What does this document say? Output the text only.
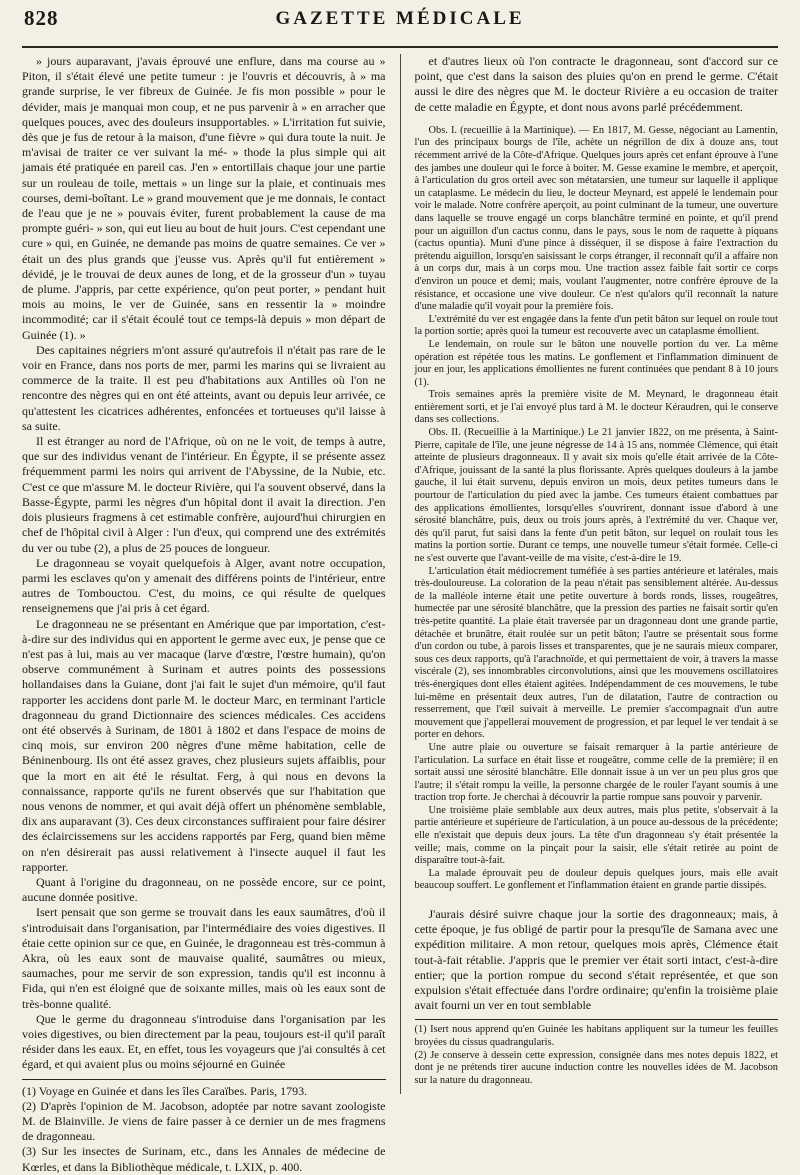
828	GAZETTE MÉDICALE

» jours auparavant, j'avais éprouvé une enflure, dans ma course au » Piton, il s'était élevé une petite tumeur : je l'ouvris et découvris, à » ma grande surprise, le ver fibreux de Guinée. Je fis mon possible » pour le dévider, mais je manquai mon coup, et ne pus parvenir à » en arracher que quelques pouces, avec des douleurs insupportables. » L'irritation fut suivie, dès que je fus de retour à la maison, d'une fièvre » qui dura toute la nuit. Je m'avisai de traiter ce ver suivant la mé- » thode la plus simple qui ait jamais été pratiquée en pareil cas. J'en » entortillais chaque jour une partie sur un rouleau de toile, mettais » un linge sur la plaie, et continuais mes courses, demi-boîtant. Le » grand mouvement que je me donnais, le contact de l'eau que je ne » pouvais éviter, furent probablement la cause de ma prompte guéri- » son, qui eut lieu au bout de huit jours. C'est cependant une cure » qui, en Guinée, ne demande pas moins de quatre semaines. Ce ver » était un des plus grands que j'eusse vus. Après qu'il fut entièrement » dévidé, je le trouvai de deux aunes de long, et de la grosseur d'un » tuyau de plume. J'appris, par cette expérience, qu'on peut porter, » pendant huit mois au moins, le ver de Guinée, sans en ressentir la » moindre incommodité; car il s'était écoulé tout ce temps-là depuis » mon départ de Guinée (1). »

Des capitaines négriers m'ont assuré qu'autrefois il n'était pas rare de le voir en France, dans nos ports de mer, parmi les marins qui se livraient au commerce de la traite. Il est peu d'habitations aux Antilles où l'on ne rencontre des nègres qui en ont été atteints, avant ou depuis leur arrivée, ce qu'attestent les cicatrices adhérentes, enfoncées et tortueuses qu'il laisse à sa suite.

Il est étranger au nord de l'Afrique, où on ne le voit, de temps à autre, que sur des individus venant de l'intérieur. En Égypte, il se présente assez fréquemment parmi les noirs qui arrivent de l'Abyssine, de la Nubie, etc. C'est ce que m'assure M. le docteur Rivière, qui l'a souvent observé, dans la Basse-Égypte, parmi les nègres d'un hôpital dont il avait la direction. J'en dois plusieurs fragmens à cet estimable confrère, aujourd'hui chirurgien en chef de l'hôpital civil à Alger : l'un d'eux, qui comprend une des extrémités du ver ou tube (2), a plus de 25 pouces de longueur.

Le dragonneau se voyait quelquefois à Alger, avant notre occupation, parmi les esclaves qu'on y amenait des différens points de l'intérieur, entre autres de Tombouctou. C'est, du moins, ce qui résulte de quelques renseignemens que j'ai pris à cet égard.

Le dragonneau ne se présentant en Amérique que par importation, c'est-à-dire sur des individus qui en apportent le germe avec eux, je pense que ce n'est pas à lui, mais au ver macaque (larve d'œstre, l'œstre humain), qu'on observe communément à Surinam et autres points des possessions hollandaises dans la Guiane, dont j'ai fait le sujet d'un mémoire, qu'il faut rapporter les accidens dont parle M. le docteur Marc, en terminant l'article dragonneau du grand Dictionnaire des sciences médicales. Ces accidens ont été observés à Surinam, de 1801 à 1802 et dans l'espace de moins de cinq mois, sur environ 200 nègres d'une même habitation, celle de Béninenbourg. Ils ont été assez graves, chez plusieurs sujets affaiblis, pour que la mort en ait été le résultat. Ferg, à qui nous en devons la connaissance, rapporte qu'ils ne furent observés que sur l'habitation que nous venons de nommer, et qui avait déjà offert un phénomène semblable, dix ans auparavant (3). Ces deux circonstances suffiraient pour faire désirer des éclaircissemens sur les accidens rapportés par Ferg, quand bien même on n'en désirerait pas aussi relativement à l'insecte auquel il faut les rapporter.

Quant à l'origine du dragonneau, on ne possède encore, sur ce point, aucune donnée positive.

Isert pensait que son germe se trouvait dans les eaux saumâtres, d'où il s'introduisait dans l'organisation, par l'intermédiaire des voies digestives. Il étaie cette opinion sur ce que, en Guinée, le dragonneau est très-commun à Akra, où les eaux sont de mauvaise qualité, saumâtres ou mieux, saumaches, pour me servir de son expression, tandis qu'il est inconnu à Fida, qui n'en est éloigné que de soixante milles, mais où les eaux sont de très-bonne qualité.

Que le germe du dragonneau s'introduise dans l'organisation par les voies digestives, ou bien directement par la peau, toujours est-il qu'il paraît résider dans les eaux. Et, en effet, tous les voyageurs que j'ai consultés à cet égard, et qui avaient plus ou moins séjourné en Guinée

(1) Voyage en Guinée et dans les îles Caraïbes. Paris, 1793.

(2) D'après l'opinion de M. Jacobson, adoptée par notre savant zoologiste M. de Blainville. Je viens de faire passer à ce dernier un de mes fragmens de dragonneau.

(3) Sur les insectes de Surinam, etc., dans les Annales de médecine de Kœrles, et dans la Bibliothèque médicale, t. LXIX, p. 400.

et d'autres lieux où l'on contracte le dragonneau, sont d'accord sur ce point, que c'est dans la saison des pluies qu'on en prend le germe. C'était aussi le dire des nègres que M. le docteur Rivière a eu occasion de traiter de cette maladie en Égypte, et dont nous avons parlé précédemment.

Obs. I. (recueillie à la Martinique). — En 1817, M. Gesse, négociant au Lamentin, l'un des principaux bourgs de l'île, achète un négrillon de dix à douze ans, tout récemment arrivé de la Côte-d'Afrique. Quelques jours après cet enfant éprouve à l'une des jambes une douleur qui le force à boiter. M. Gesse examine le membre, et aperçoit, à l'articulation du gros orteil avec son métatarsien, une tumeur sur laquelle il applique un cataplasme. Le médecin du lieu, le docteur Meynard, est appelé le lendemain pour voir le malade. Notre confrère aperçoit, au point culminant de la tumeur, une ouverture dans laquelle se trouve engagé un corps blanchâtre terminé en pointe, et qu'il prend pour un aiguillon d'un cactus connu, dans le pays, sous le nom de raquette à piquans (cactus opuntia). Muni d'une pince à disséquer, il se dispose à faire l'extraction du prétendu aiguillon, lorsqu'en saisissant le corps étranger, il reconnaît qu'il a affaire non à un corps dur, mais à un corps mou. Une traction assez faible fait sortir ce corps d'environ un pouce et demi; mais, voulant l'augmenter, notre confrère éprouve de la résistance, et occasione une vive douleur. Ce n'est qu'alors qu'il reconnaît la nature d'une maladie qu'il voyait pour la première fois.

L'extrémité du ver est engagée dans la fente d'un petit bâton sur lequel on roule tout la portion sortie; après quoi la tumeur est recouverte avec un cataplasme émollient.

Le lendemain, on roule sur le bâton une nouvelle portion du ver. La même opération est répétée tous les matins. Le gonflement et l'inflammation diminuent de jour en jour, les applications émollientes ne furent continuées que pendant 8 à 10 jours (1).

Trois semaines après la première visite de M. Meynard, le dragonneau était entièrement sorti, et je l'ai envoyé plus tard à M. le docteur Kéraudren, qui le conserve dans ses collections.

Obs. II. (Recueillie à la Martinique.) Le 21 janvier 1822, on me présenta, à Saint-Pierre, capitale de l'île, une jeune négresse de 14 à 15 ans, nommée Clémence, qui était atteinte de plusieurs dragonneaux. Il y avait six mois qu'elle était arrivée de la Côte-d'Afrique, jouissant de la santé la plus florissante. Après quelques douleurs à la jambe gauche, il lui était survenu, depuis environ un mois, deux petites tumeurs dans le pourtour de l'articulation du pied avec la jambe. Ces tumeurs étaient combattues par des applications émollientes, lorsqu'elles s'ouvrirent, donnant issue d'abord à une sérosité blanchâtre, puis, deux ou trois jours après, à l'extrémité du ver. Chaque ver, dès qu'il parut, fut saisi dans la fente d'un petit bâton, sur lequel on roulait tous les matins la portion sortie. Durant ce temps, une nouvelle tumeur s'était formée. Celle-ci ne s'est ouverte que l'avant-veille de ma visite, c'est-à-dire le 19.

L'articulation était médiocrement tuméfiée à ses parties antérieure et latérales, mais très-douloureuse. La coloration de la peau n'était pas sensiblement altérée. Au-dessus de la malléole interne était une petite ouverture à bords ronds, lisses, rougeâtres, humectée par une sérosité blanchâtre, que la pression des parties ne faisait sortir qu'en très-petite quantité. La plaie était traversée par un dragonneau dont une grande partie, détachée et brunâtre, était roulée sur un petit bâton; l'autre se présentait sous forme d'un cordon ou tube, à parois lisses et transparentes, que je ne saurais mieux comparer, sous ces deux rapports, qu'à l'arachnoïde, et qui permettaient de voir, à travers la masse viscérale (2), ses innombrables circonvolutions, ainsi que les mouvemens oscillatoires très-énergiques dont elles étaient agitées. Indépendamment de ces mouvemens, le tube lui-même en présentait deux autres, l'un de dilatation, l'autre de contraction ou resserrement, que l'œil suivait à merveille. Le premier s'accompagnait d'un autre mouvement que j'appellerai mouvement de progression, et par lequel le ver tendait à se porter en dehors.

Une autre plaie ou ouverture se faisait remarquer à la partie antérieure de l'articulation. La surface en était lisse et rougeâtre, comme celle de la première; il en sortait aussi une sérosité blanchâtre. Elle donnait issue à un ver un peu plus gros que l'autre; il s'était rompu la veille, la personne chargée de le rouler l'ayant soumis à une traction trop forte. Je cherchai à découvrir la partie rompue sans pouvoir y parvenir.

Une troisième plaie semblable aux deux autres, mais plus petite, s'observait à la partie antérieure et supérieure de l'articulation, à un pouce au-dessous de la précédente; elle n'existait que depuis deux jours. La tête d'un dragonneau s'y était présentée la veille; mais, comme on la pinçait pour la saisir, elle s'était retirée au point de disparaître tout-à-fait.

La malade éprouvait peu de douleur depuis quelques jours, mais elle avait beaucoup souffert. Le gonflement et l'inflammation étaient en grande partie dissipés.

J'aurais désiré suivre chaque jour la sortie des dragonneaux; mais, à cette époque, je fus obligé de partir pour la presqu'île de Samana avec une expédition militaire. A mon retour, quelques mois après, Clémence était tout-à-fait rétablie. J'appris que le premier ver était sorti intact, c'est-à-dire entier; que la portion rompue du second s'était représentée, et que son expulsion s'était effectuée dans l'ordre ordinaire; qu'enfin la troisième plaie avait fourni un ver en tout semblable

(1) Isert nous apprend qu'en Guinée les habitans appliquent sur la tumeur les feuilles broyées du cissus quadrangularis.

(2) Je conserve à dessein cette expression, consignée dans mes notes depuis 1822, et dont je ne prétends tirer aucune induction contre les nouvelles idées de M. Jacobson sur la nature du dragonneau.
